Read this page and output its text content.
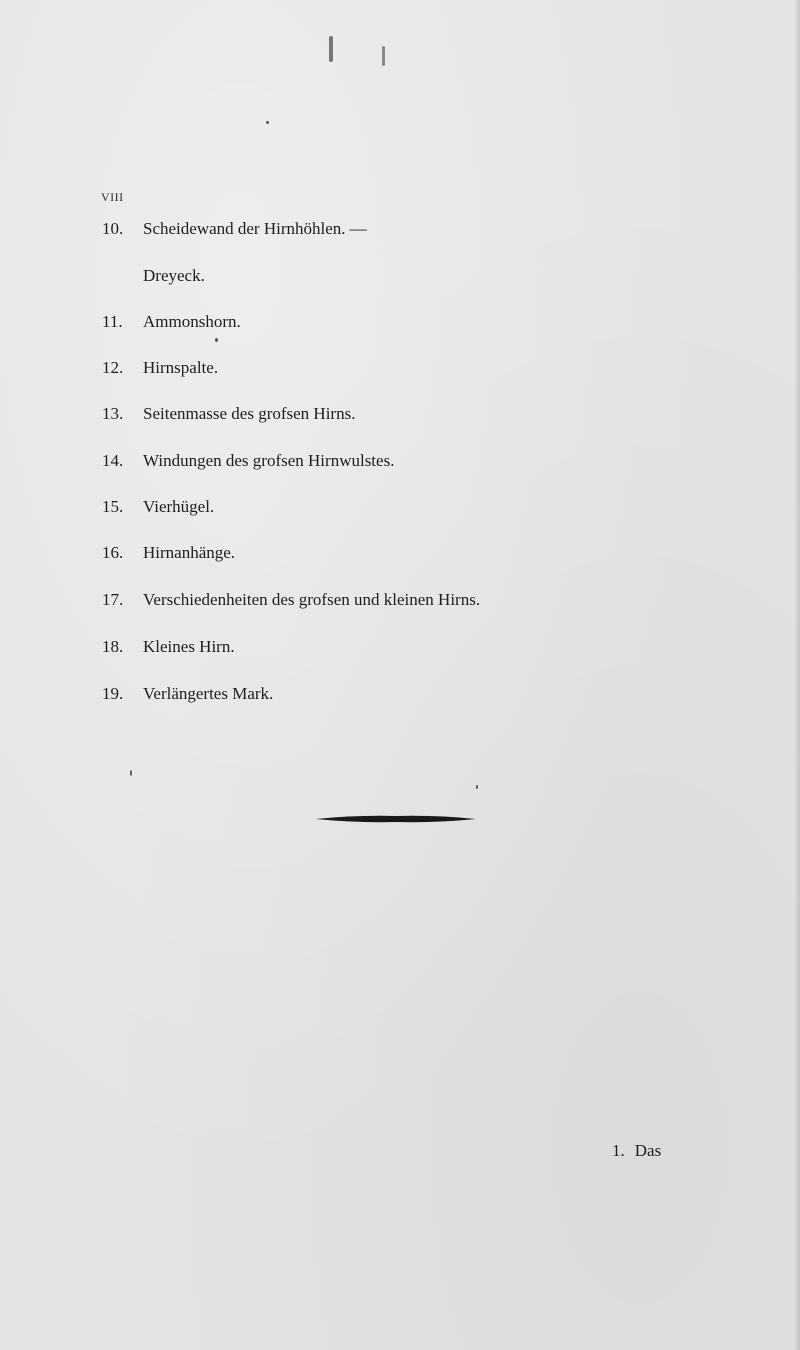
VIII
10.	Scheidewand der Hirnhöhlen. —
Dreyeck.
11.	Ammonshorn.
12.	Hirnspalte.
13.	Seitenmasse des grofsen Hirns.
14.	Windungen des grofsen Hirnwulstes.
15.	Vierhügel.
16.	Hirnanhänge.
17.	Verschiedenheiten des grofsen und kleinen Hirns.
18.	Kleines Hirn.
19.	Verlängertes Mark.
1. Das
